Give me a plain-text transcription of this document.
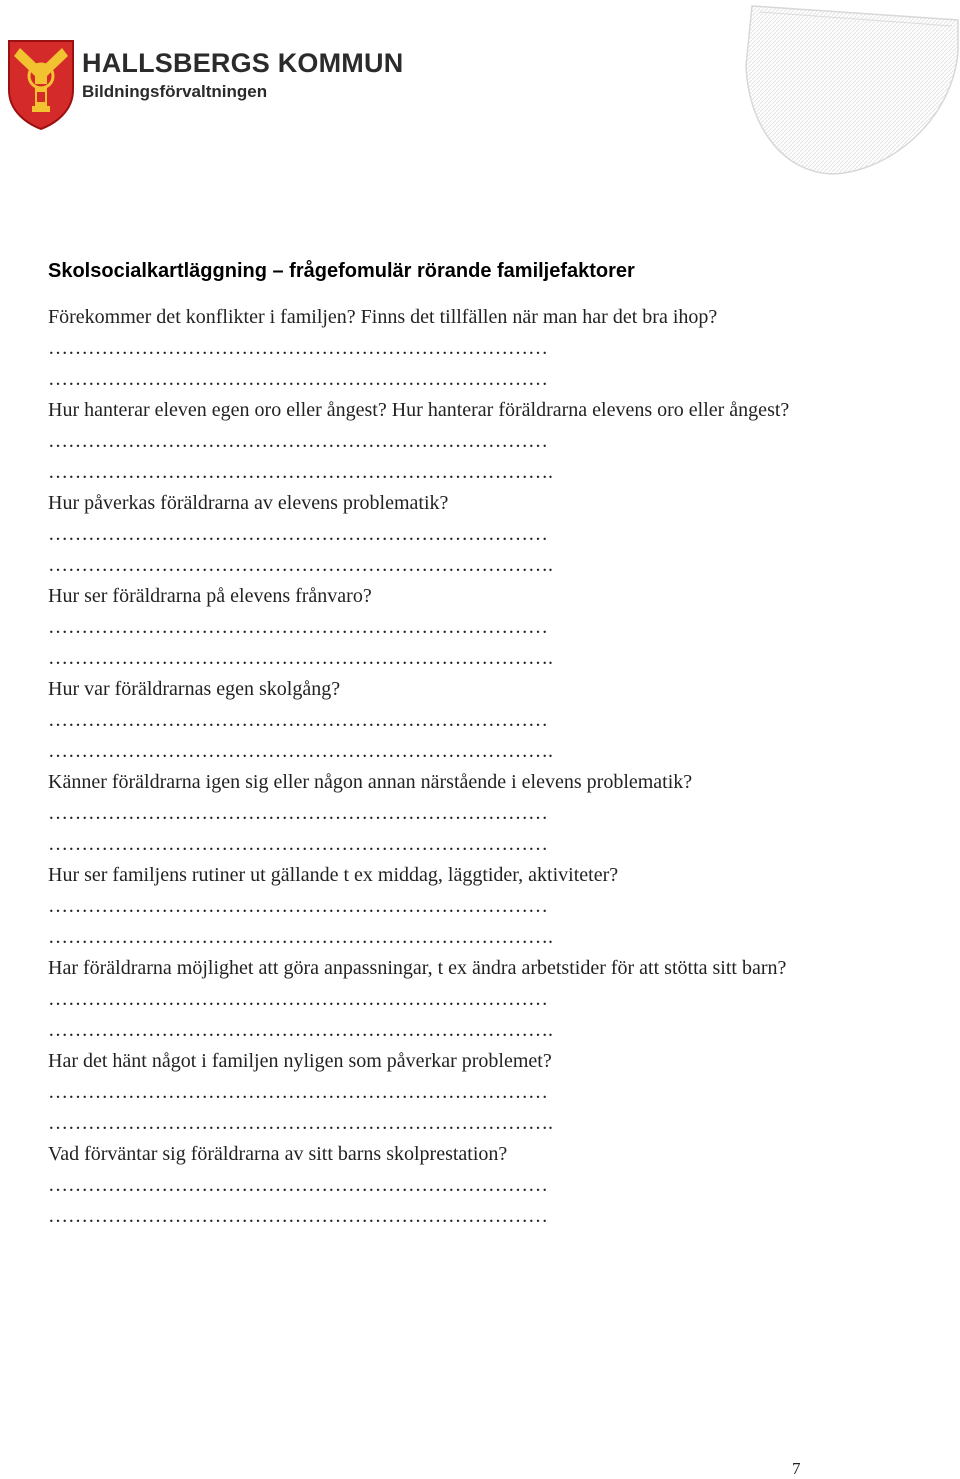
HALLSBERGS KOMMUN
Bildningsförvaltningen
Skolsocialkartläggning – frågefomulär rörande familjefaktorer
Förekommer det konflikter i familjen? Finns det tillfällen när man har det bra ihop?
…………………………………………………………………
…………………………………………………………………
Hur hanterar eleven egen oro eller ångest? Hur hanterar föräldrarna elevens oro eller ångest?
…………………………………………………………………
………………………………………………………………….
Hur påverkas föräldrarna av elevens problematik?
…………………………………………………………………
………………………………………………………………….
Hur ser föräldrarna på elevens frånvaro?
…………………………………………………………………
………………………………………………………………….
Hur var föräldrarnas egen skolgång?
…………………………………………………………………
………………………………………………………………….
Känner föräldrarna igen sig eller någon annan närstående i elevens problematik?
…………………………………………………………………
…………………………………………………………………
Hur ser familjens rutiner ut gällande t ex middag, läggtider, aktiviteter?
…………………………………………………………………
………………………………………………………………….
Har föräldrarna möjlighet att göra anpassningar, t ex ändra arbetstider för att stötta sitt barn?
…………………………………………………………………
………………………………………………………………….
Har det hänt något i familjen nyligen som påverkar problemet?
…………………………………………………………………
………………………………………………………………….
Vad förväntar sig föräldrarna av sitt barns skolprestation?
…………………………………………………………………
…………………………………………………………………
7
